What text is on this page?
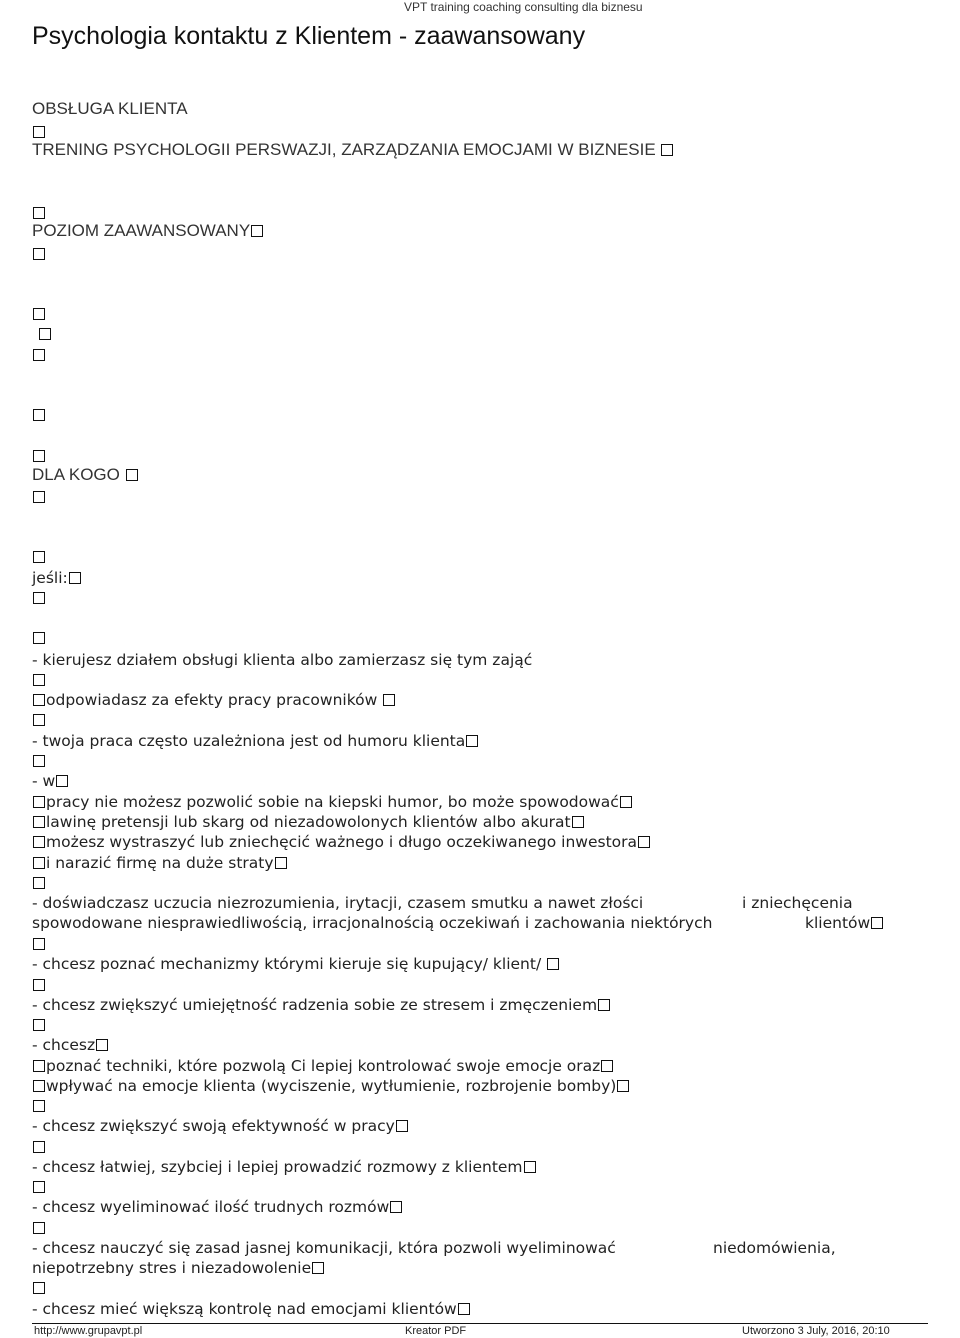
VPT training coaching consulting dla biznesu
Psychologia kontaktu z Klientem - zaawansowany
OBSŁUGA KLIENTA
TRENING PSYCHOLOGII PERSWAZJI, ZARZĄDZANIA EMOCJAMI W BIZNESIE
POZIOM ZAAWANSOWANY
DLA KOGO
jeśli:
- kierujesz działem obsługi klienta albo zamierzasz się tym zająć
odpowiadasz za efekty pracy pracowników
- twoja praca często uzależniona jest od humoru klienta
- w
pracy nie możesz pozwolić sobie na kiepski humor, bo może spowodować
lawinę pretensji lub skarg od niezadowolonych klientów albo akurat
możesz wystraszyć lub zniechęcić ważnego i długo oczekiwanego inwestora
i narazić firmę na duże straty
- doświadczasz uczucia niezrozumienia, irytacji, czasem smutku a nawet złości	i zniechęcenia
spowodowane niesprawiedliwością, irracjonalnością oczekiwań i zachowania niektórych	klientów
- chcesz poznać mechanizmy którymi kieruje się kupujący/ klient/
- chcesz zwiększyć umiejętność radzenia sobie ze stresem i zmęczeniem
- chcesz
poznać techniki, które pozwolą Ci lepiej kontrolować swoje emocje oraz
wpływać na emocje klienta (wyciszenie, wytłumienie, rozbrojenie bomby)
- chcesz zwiększyć swoją efektywność w pracy
- chcesz łatwiej, szybciej i lepiej prowadzić rozmowy z klientem
- chcesz wyeliminować ilość trudnych rozmów
- chcesz nauczyć się zasad jasnej komunikacji, która pozwoli wyeliminować	niedomówienia,
niepotrzebny stres i niezadowolenie
- chcesz mieć większą kontrolę nad emocjami klientów
http://www.grupavpt.pl	Kreator PDF	Utworzono 3 July, 2016, 20:10
